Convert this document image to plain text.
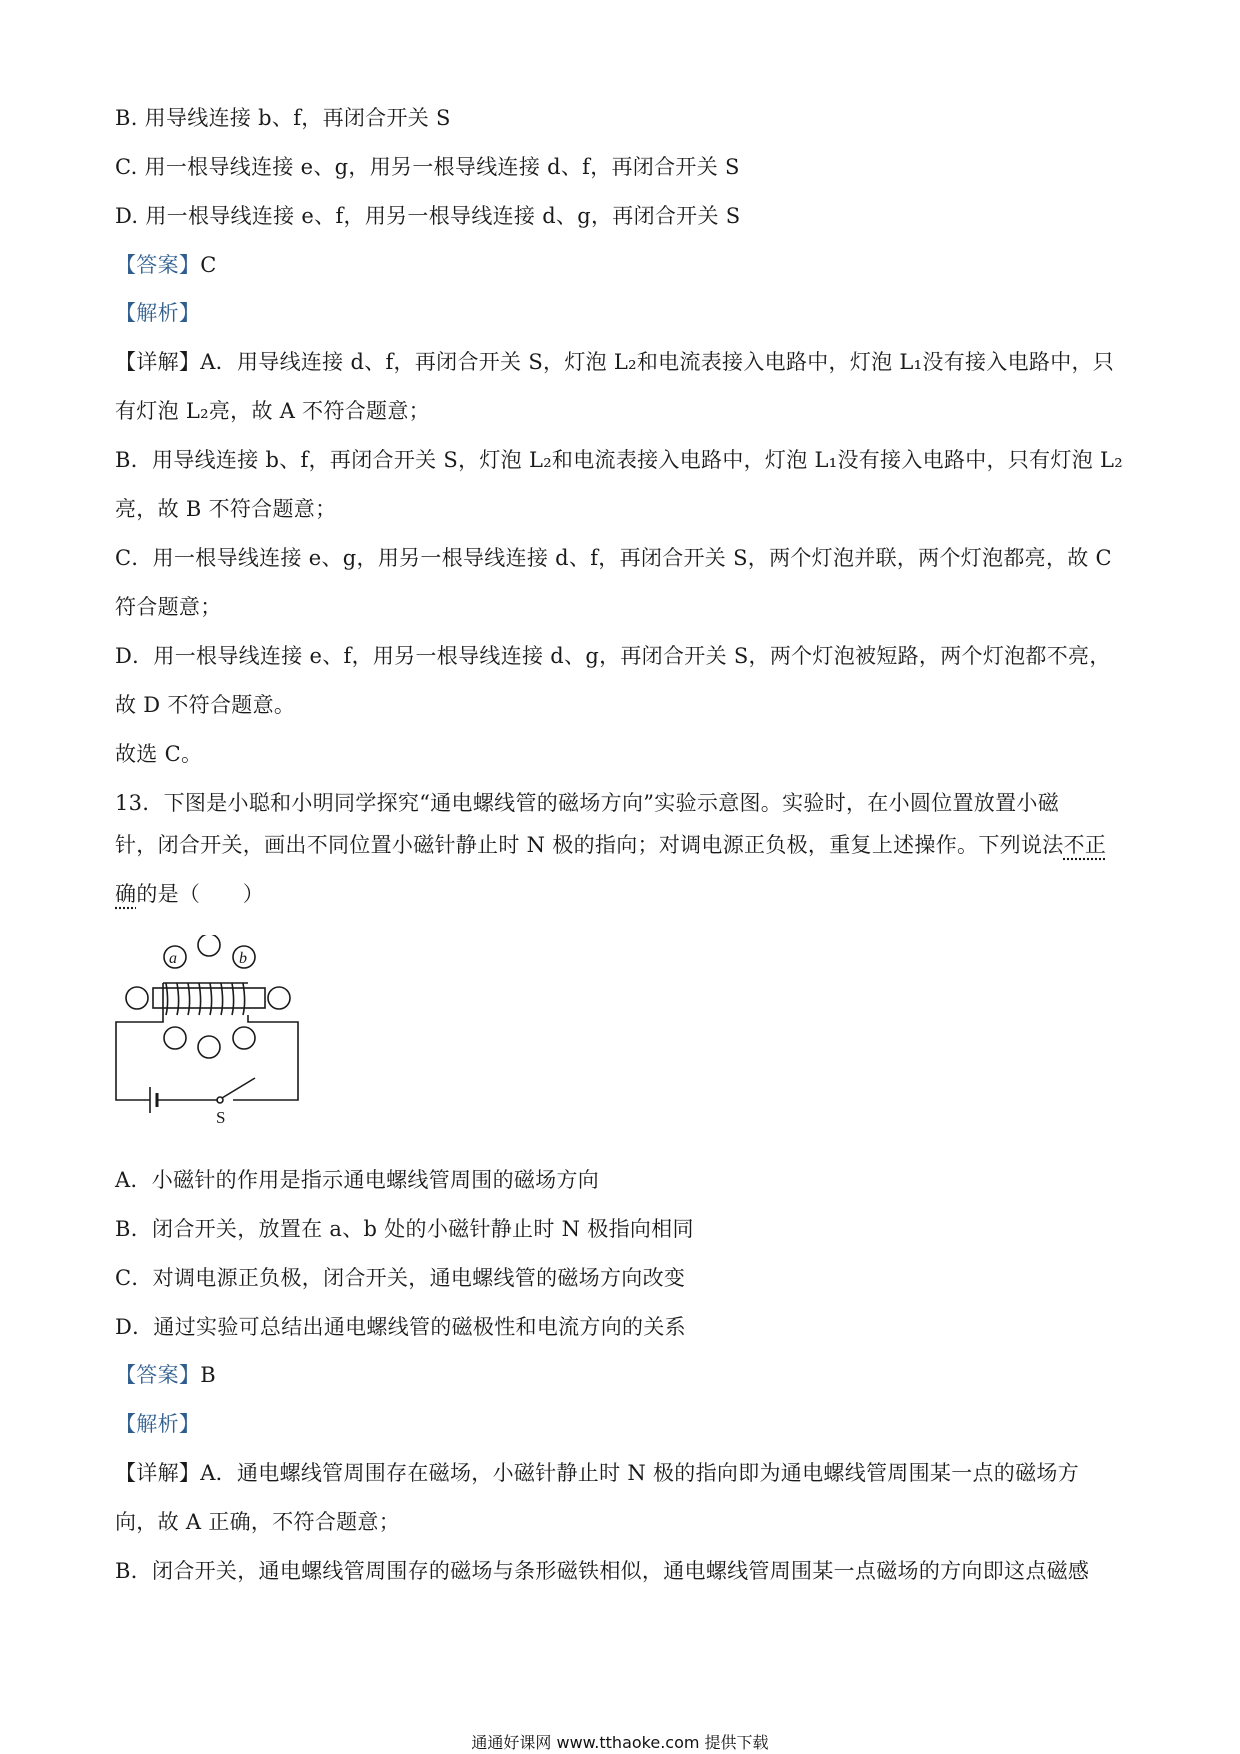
B. 用导线连接 b、f，再闭合开关 S
C. 用一根导线连接 e、g，用另一根导线连接 d、f，再闭合开关 S
D. 用一根导线连接 e、f，用另一根导线连接 d、g，再闭合开关 S
【答案】C
【解析】
【详解】A．用导线连接 d、f，再闭合开关 S，灯泡 L₂和电流表接入电路中，灯泡 L₁没有接入电路中，只
有灯泡 L₂亮，故 A 不符合题意；
B．用导线连接 b、f，再闭合开关 S，灯泡 L₂和电流表接入电路中，灯泡 L₁没有接入电路中，只有灯泡 L₂
亮，故 B 不符合题意；
C．用一根导线连接 e、g，用另一根导线连接 d、f，再闭合开关 S，两个灯泡并联，两个灯泡都亮，故 C
符合题意；
D．用一根导线连接 e、f，用另一根导线连接 d、g，再闭合开关 S，两个灯泡被短路，两个灯泡都不亮，
故 D 不符合题意。
故选 C。
13．下图是小聪和小明同学探究“通电螺线管的磁场方向”实验示意图。实验时，在小圆位置放置小磁
针，闭合开关，画出不同位置小磁针静止时 N 极的指向；对调电源正负极，重复上述操作。下列说法不正
确的是（　　）
a	b
S
A．小磁针的作用是指示通电螺线管周围的磁场方向
B．闭合开关，放置在 a、b 处的小磁针静止时 N 极指向相同
C．对调电源正负极，闭合开关，通电螺线管的磁场方向改变
D．通过实验可总结出通电螺线管的磁极性和电流方向的关系
【答案】B
【解析】
【详解】A．通电螺线管周围存在磁场，小磁针静止时 N 极的指向即为通电螺线管周围某一点的磁场方
向，故 A 正确，不符合题意；
B．闭合开关，通电螺线管周围存的磁场与条形磁铁相似，通电螺线管周围某一点磁场的方向即这点磁感
通通好课网 www.tthaoke.com 提供下载
